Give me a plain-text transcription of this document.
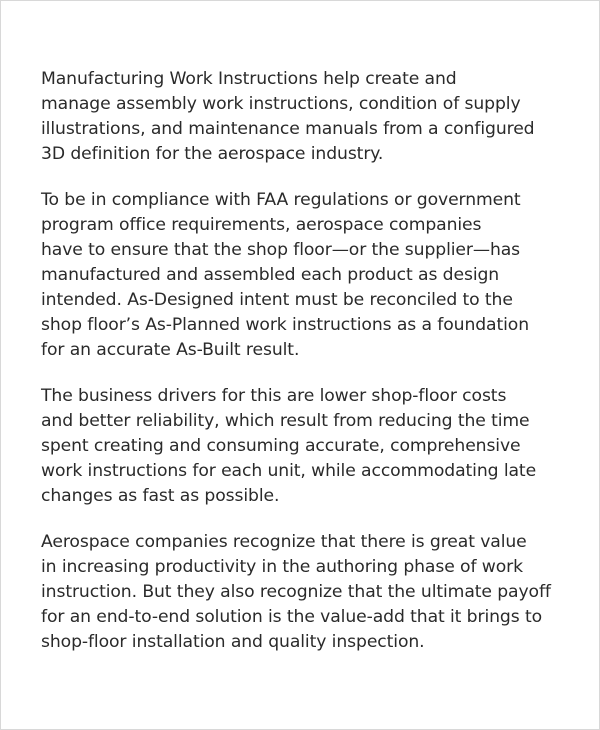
Manufacturing Work Instructions help create and
manage assembly work instructions, condition of supply
illustrations, and maintenance manuals from a configured
3D definition for the aerospace industry.

To be in compliance with FAA regulations or government
program office requirements, aerospace companies
have to ensure that the shop floor—or the supplier—has
manufactured and assembled each product as design
intended. As-Designed intent must be reconciled to the
shop floor’s As-Planned work instructions as a foundation
for an accurate As-Built result.

The business drivers for this are lower shop-floor costs
and better reliability, which result from reducing the time
spent creating and consuming accurate, comprehensive
work instructions for each unit, while accommodating late
changes as fast as possible.

Aerospace companies recognize that there is great value
in increasing productivity in the authoring phase of work
instruction. But they also recognize that the ultimate payoff
for an end-to-end solution is the value-add that it brings to
shop-floor installation and quality inspection.
